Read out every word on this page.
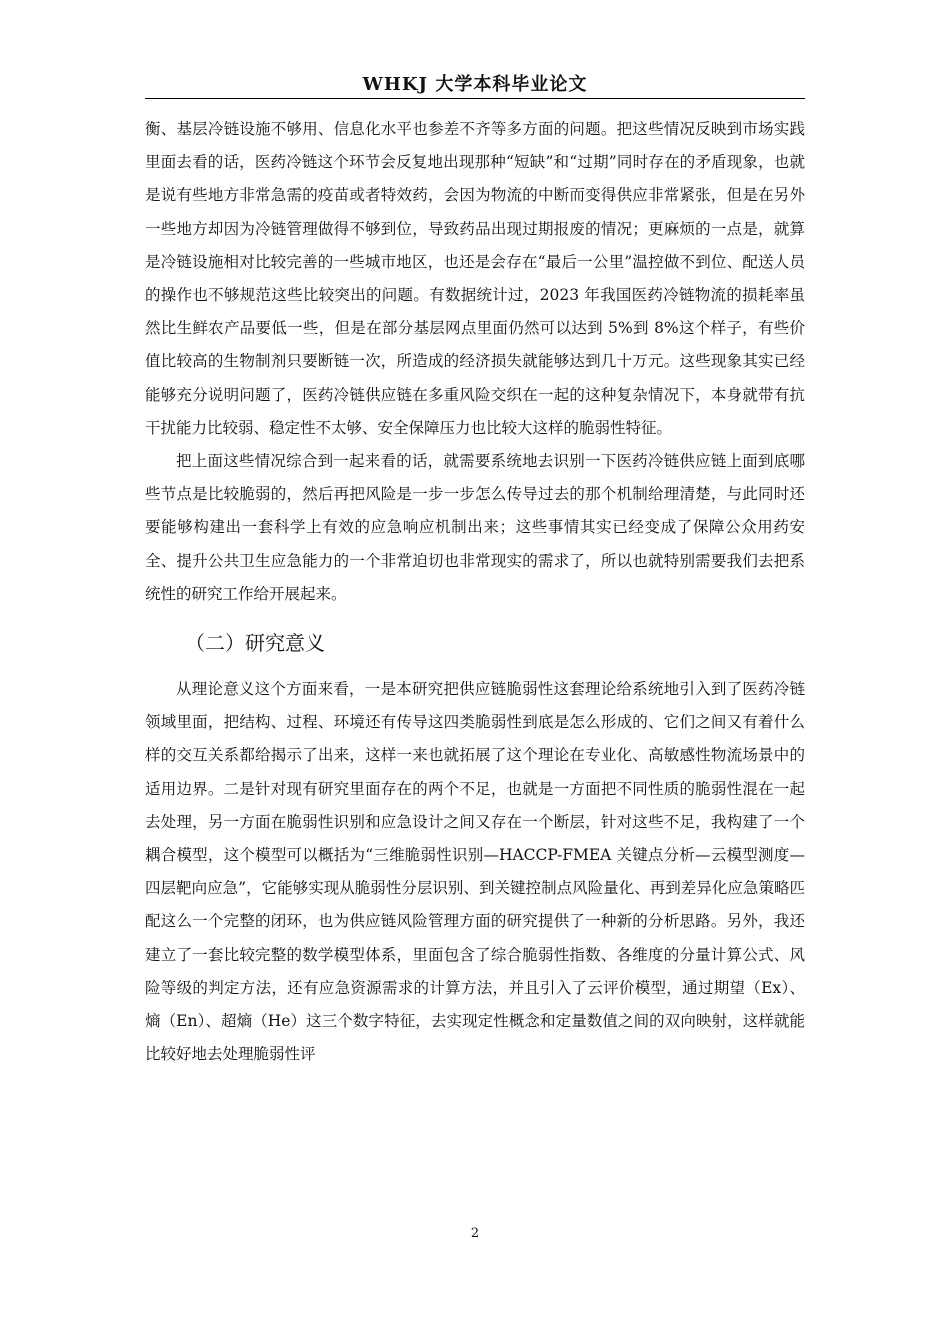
WHKJ 大学本科毕业论文

衡、基层冷链设施不够用、信息化水平也参差不齐等多方面的问题。把这些情况反映到市场实践里面去看的话，医药冷链这个环节会反复地出现那种“短缺”和“过期”同时存在的矛盾现象，也就是说有些地方非常急需的疫苗或者特效药，会因为物流的中断而变得供应非常紧张，但是在另外一些地方却因为冷链管理做得不够到位，导致药品出现过期报废的情况；更麻烦的一点是，就算是冷链设施相对比较完善的一些城市地区，也还是会存在“最后一公里”温控做不到位、配送人员的操作也不够规范这些比较突出的问题。有数据统计过，2023 年我国医药冷链物流的损耗率虽然比生鲜农产品要低一些，但是在部分基层网点里面仍然可以达到 5%到 8%这个样子，有些价值比较高的生物制剂只要断链一次，所造成的经济损失就能够达到几十万元。这些现象其实已经能够充分说明问题了，医药冷链供应链在多重风险交织在一起的这种复杂情况下，本身就带有抗干扰能力比较弱、稳定性不太够、安全保障压力也比较大这样的脆弱性特征。

把上面这些情况综合到一起来看的话，就需要系统地去识别一下医药冷链供应链上面到底哪些节点是比较脆弱的，然后再把风险是一步一步怎么传导过去的那个机制给理清楚，与此同时还要能够构建出一套科学上有效的应急响应机制出来；这些事情其实已经变成了保障公众用药安全、提升公共卫生应急能力的一个非常迫切也非常现实的需求了，所以也就特别需要我们去把系统性的研究工作给开展起来。

（二）研究意义

从理论意义这个方面来看，一是本研究把供应链脆弱性这套理论给系统地引入到了医药冷链领域里面，把结构、过程、环境还有传导这四类脆弱性到底是怎么形成的、它们之间又有着什么样的交互关系都给揭示了出来，这样一来也就拓展了这个理论在专业化、高敏感性物流场景中的适用边界。二是针对现有研究里面存在的两个不足，也就是一方面把不同性质的脆弱性混在一起去处理，另一方面在脆弱性识别和应急设计之间又存在一个断层，针对这些不足，我构建了一个耦合模型，这个模型可以概括为“三维脆弱性识别—HACCP-FMEA 关键点分析—云模型测度—四层靶向应急”，它能够实现从脆弱性分层识别、到关键控制点风险量化、再到差异化应急策略匹配这么一个完整的闭环，也为供应链风险管理方面的研究提供了一种新的分析思路。另外，我还建立了一套比较完整的数学模型体系，里面包含了综合脆弱性指数、各维度的分量计算公式、风险等级的判定方法，还有应急资源需求的计算方法，并且引入了云评价模型，通过期望（Ex）、熵（En）、超熵（He）这三个数字特征，去实现定性概念和定量数值之间的双向映射，这样就能比较好地去处理脆弱性评

2
